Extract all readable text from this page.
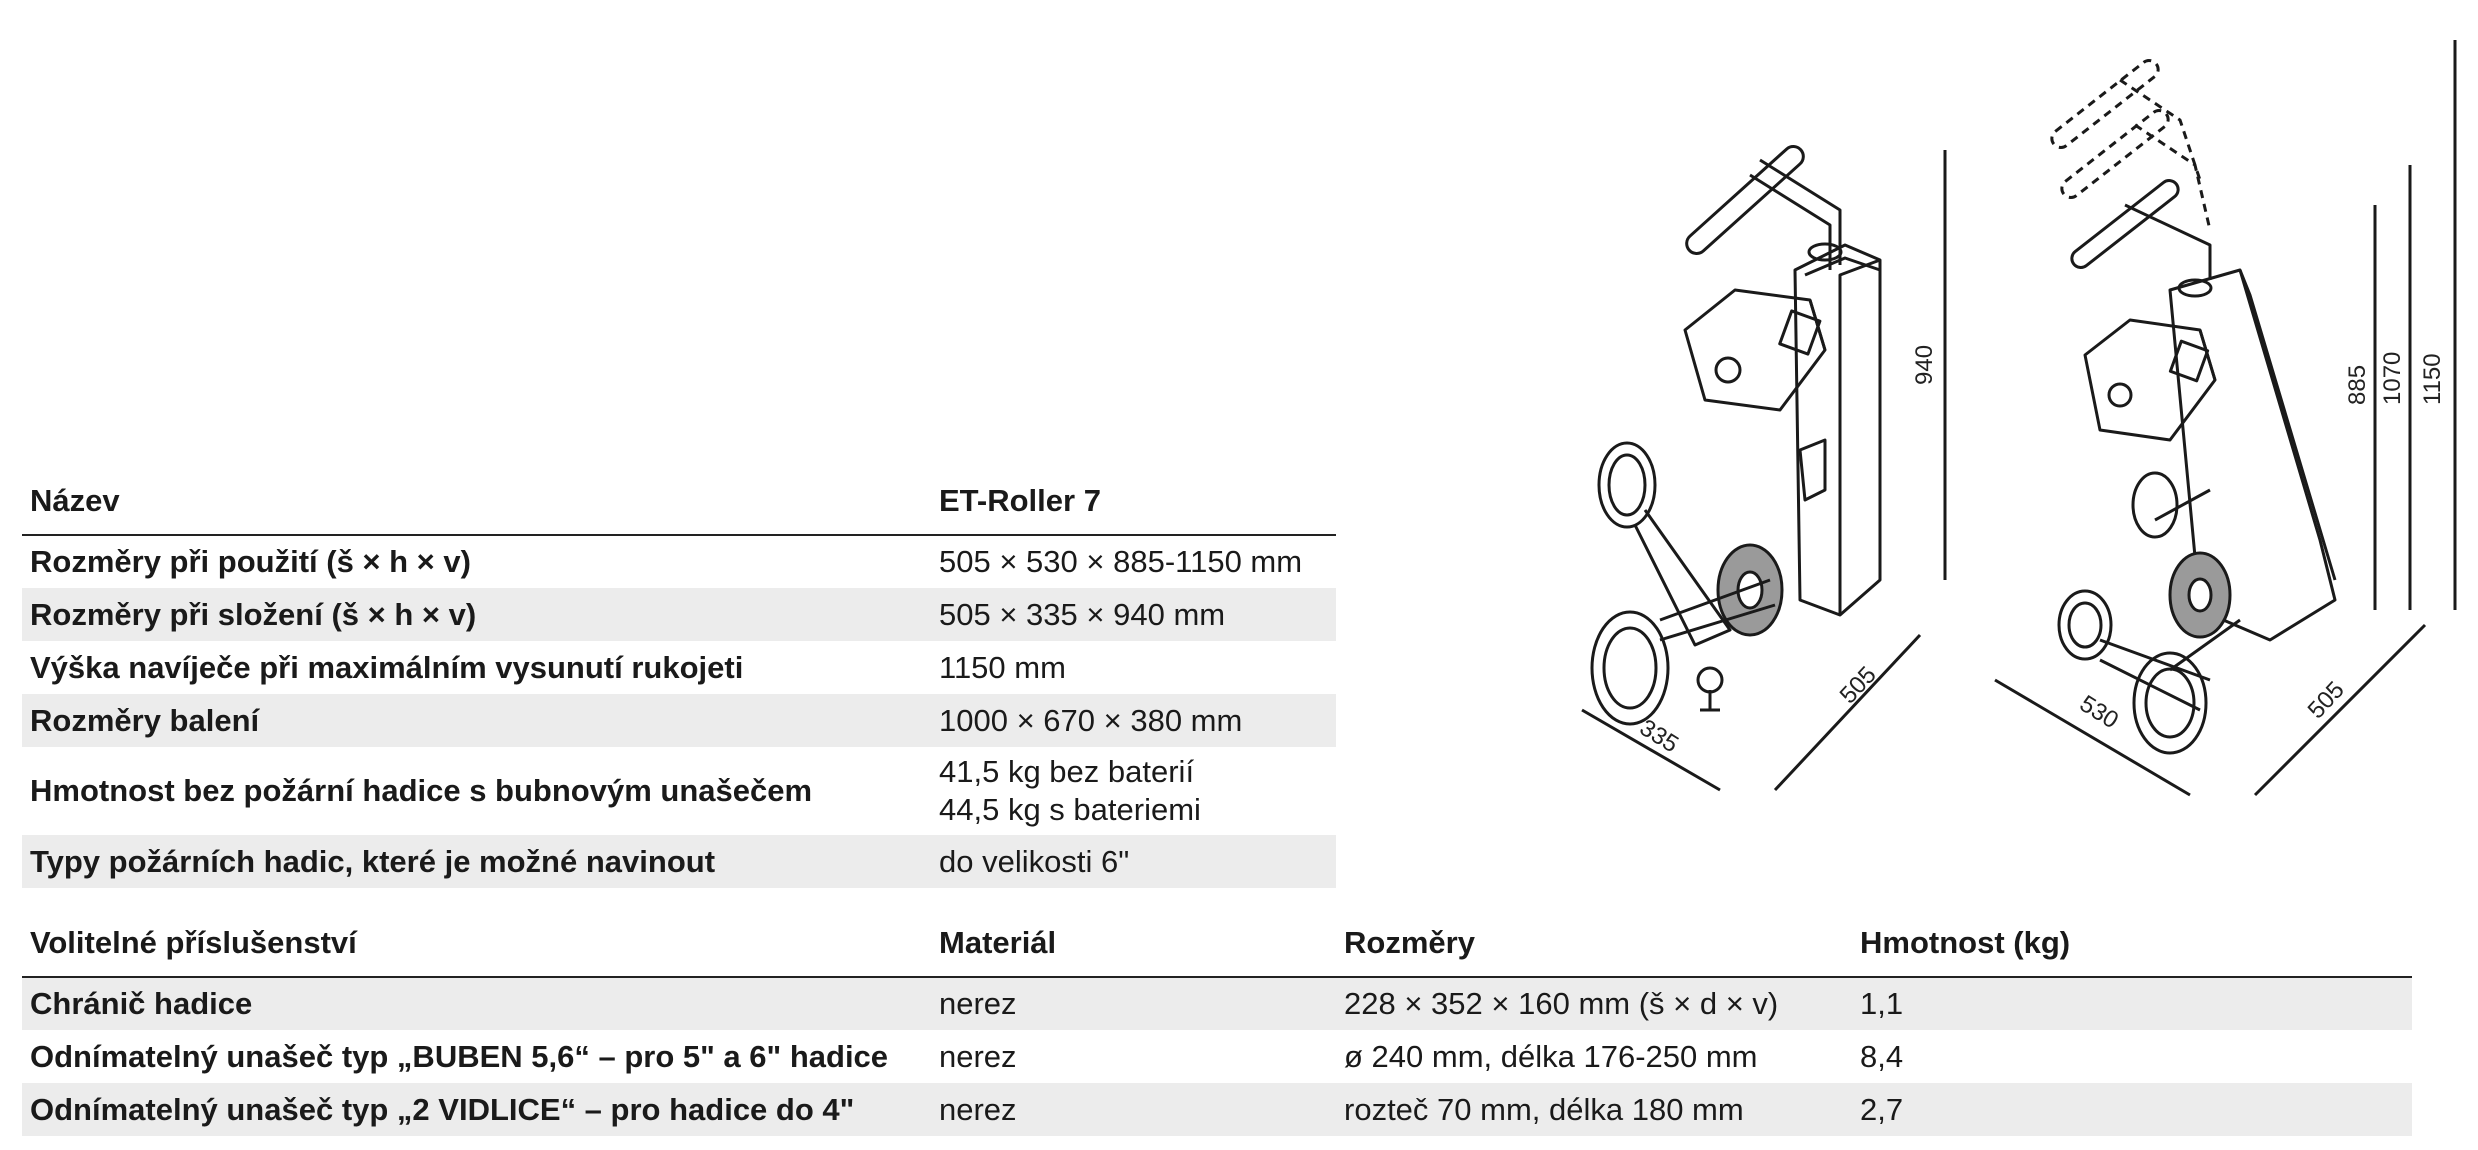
940
335
505
885 1070 1150
530	505
Název	ET-Roller 7
Rozměry při použití (š × h × v)	505 × 530 × 885-1150 mm
Rozměry při složení (š × h × v)	505 × 335 × 940 mm
Výška navíječe při maximálním vysunutí rukojeti	1150 mm
Rozměry balení	1000 × 670 × 380 mm
Hmotnost bez požární hadice s bubnovým unašečem	41,5 kg bez baterií
44,5 kg s bateriemi

Typy požárních hadic, které je možné navinout	do velikosti 6"
Volitelné příslušenství	Materiál	Rozměry	Hmotnost (kg)
Chránič hadice	nerez	228 × 352 × 160 mm (š × d × v)	1,1
Odnímatelný unašeč typ „BUBEN 5,6“ – pro 5" a 6" hadice	nerez	ø 240 mm, délka 176-250 mm	8,4
Odnímatelný unašeč typ „2 VIDLICE“ – pro hadice do 4"	nerez	rozteč 70 mm, délka 180 mm	2,7
